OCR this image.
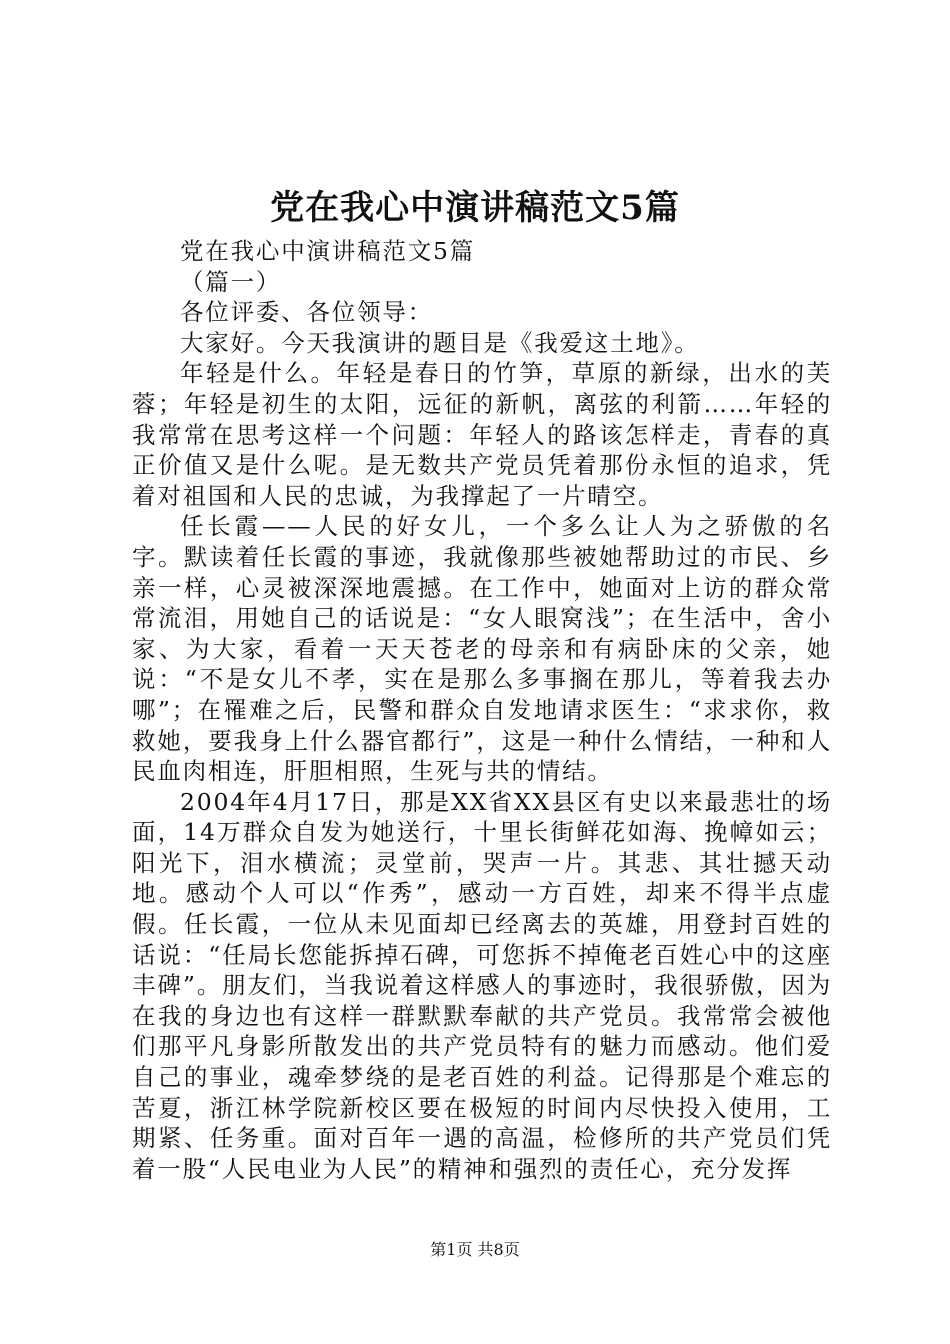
党在我心中演讲稿范文5篇

党在我心中演讲稿范文5篇

（篇一）

各位评委、各位领导：

大家好。今天我演讲的题目是《我爱这土地》。

年轻是什么。年轻是春日的竹笋，草原的新绿，出水的芙蓉；年轻是初生的太阳，远征的新帆，离弦的利箭……年轻的我常常在思考这样一个问题：年轻人的路该怎样走，青春的真正价值又是什么呢。是无数共产党员凭着那份永恒的追求，凭着对祖国和人民的忠诚，为我撑起了一片晴空。

任长霞——人民的好女儿，一个多么让人为之骄傲的名字。默读着任长霞的事迹，我就像那些被她帮助过的市民、乡亲一样，心灵被深深地震撼。在工作中，她面对上访的群众常常流泪，用她自己的话说是：“女人眼窝浅”；在生活中，舍小家、为大家，看着一天天苍老的母亲和有病卧床的父亲，她说：“不是女儿不孝，实在是那么多事搁在那儿，等着我去办哪”；在罹难之后，民警和群众自发地请求医生：“求求你，救救她，要我身上什么器官都行”，这是一种什么情结，一种和人民血肉相连，肝胆相照，生死与共的情结。

2004年4月17日，那是XX省XX县区有史以来最悲壮的场面，14万群众自发为她送行，十里长街鲜花如海、挽幛如云；阳光下，泪水横流；灵堂前，哭声一片。其悲、其壮撼天动地。感动个人可以“作秀”，感动一方百姓，却来不得半点虚假。任长霞，一位从未见面却已经离去的英雄，用登封百姓的话说：“任局长您能拆掉石碑，可您拆不掉俺老百姓心中的这座丰碑”。朋友们，当我说着这样感人的事迹时，我很骄傲，因为在我的身边也有这样一群默默奉献的共产党员。我常常会被他们那平凡身影所散发出的共产党员特有的魅力而感动。他们爱自己的事业，魂牵梦绕的是老百姓的利益。记得那是个难忘的苦夏，浙江林学院新校区要在极短的时间内尽快投入使用，工期紧、任务重。面对百年一遇的高温，检修所的共产党员们凭着一股“人民电业为人民”的精神和强烈的责任心，充分发挥

第1页 共8页
